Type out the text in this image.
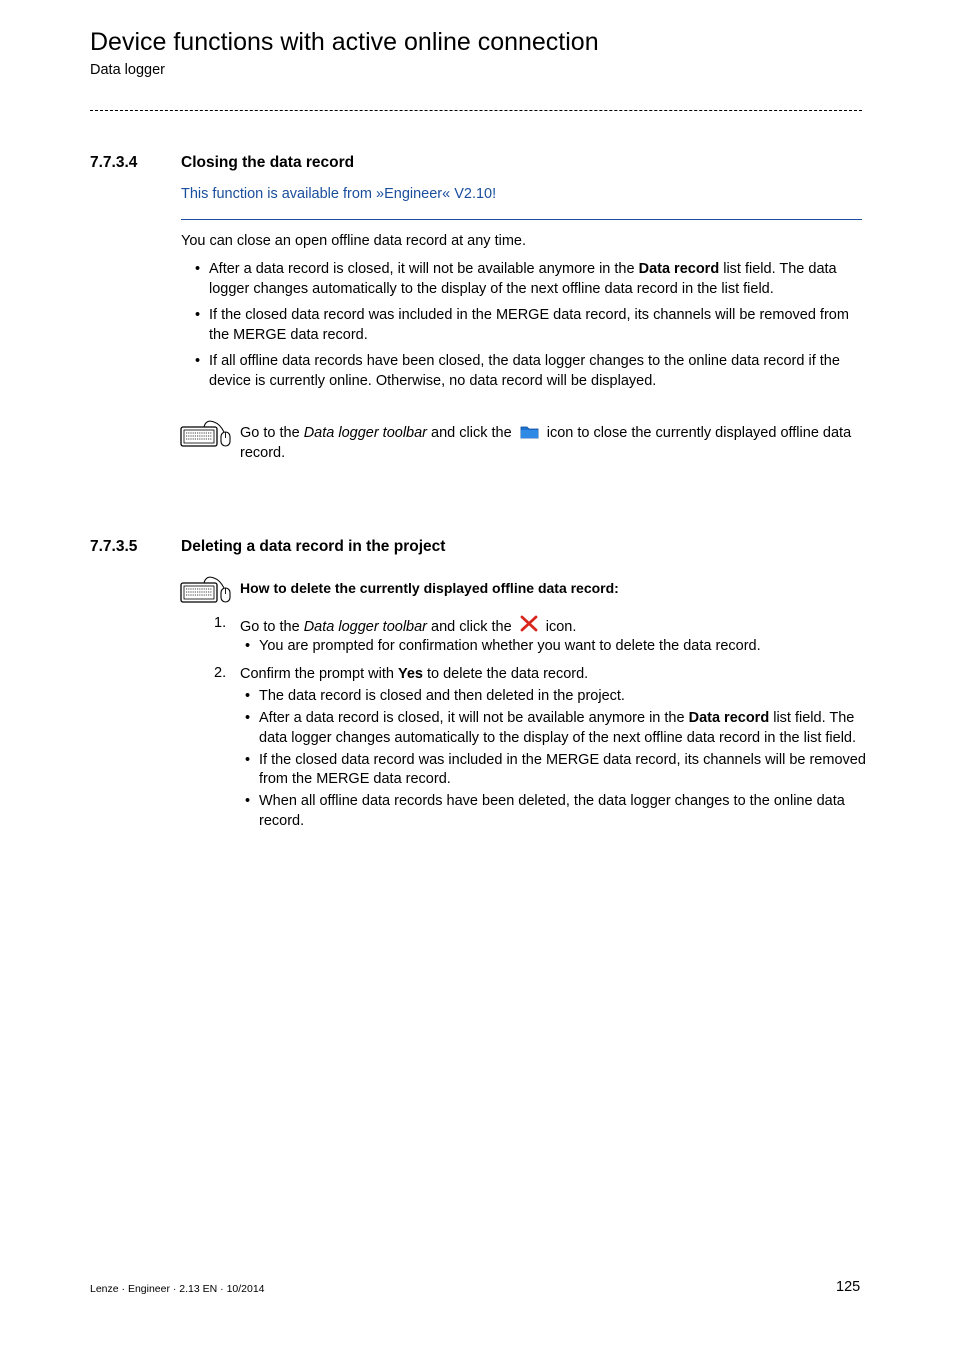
Device functions with active online connection
Data logger
7.7.3.4	Closing the data record
This function is available from »Engineer« V2.10!
You can close an open offline data record at any time.
• After a data record is closed, it will not be available anymore in the Data record list field. The data logger changes automatically to the display of the next offline data record in the list field.
• If the closed data record was included in the MERGE data record, its channels will be removed from the MERGE data record.
• If all offline data records have been closed, the data logger changes to the online data record if the device is currently online. Otherwise, no data record will be displayed.
Go to the Data logger toolbar and click the  icon to close the currently displayed offline data record.
7.7.3.5	Deleting a data record in the project
How to delete the currently displayed offline data record:
1. Go to the Data logger toolbar and click the  icon.
• You are prompted for confirmation whether you want to delete the data record.
2. Confirm the prompt with Yes to delete the data record.
• The data record is closed and then deleted in the project.
• After a data record is closed, it will not be available anymore in the Data record list field. The data logger changes automatically to the display of the next offline data record in the list field.
• If the closed data record was included in the MERGE data record, its channels will be removed from the MERGE data record.
• When all offline data records have been deleted, the data logger changes to the online data record.
Lenze · Engineer · 2.13 EN · 10/2014	125
